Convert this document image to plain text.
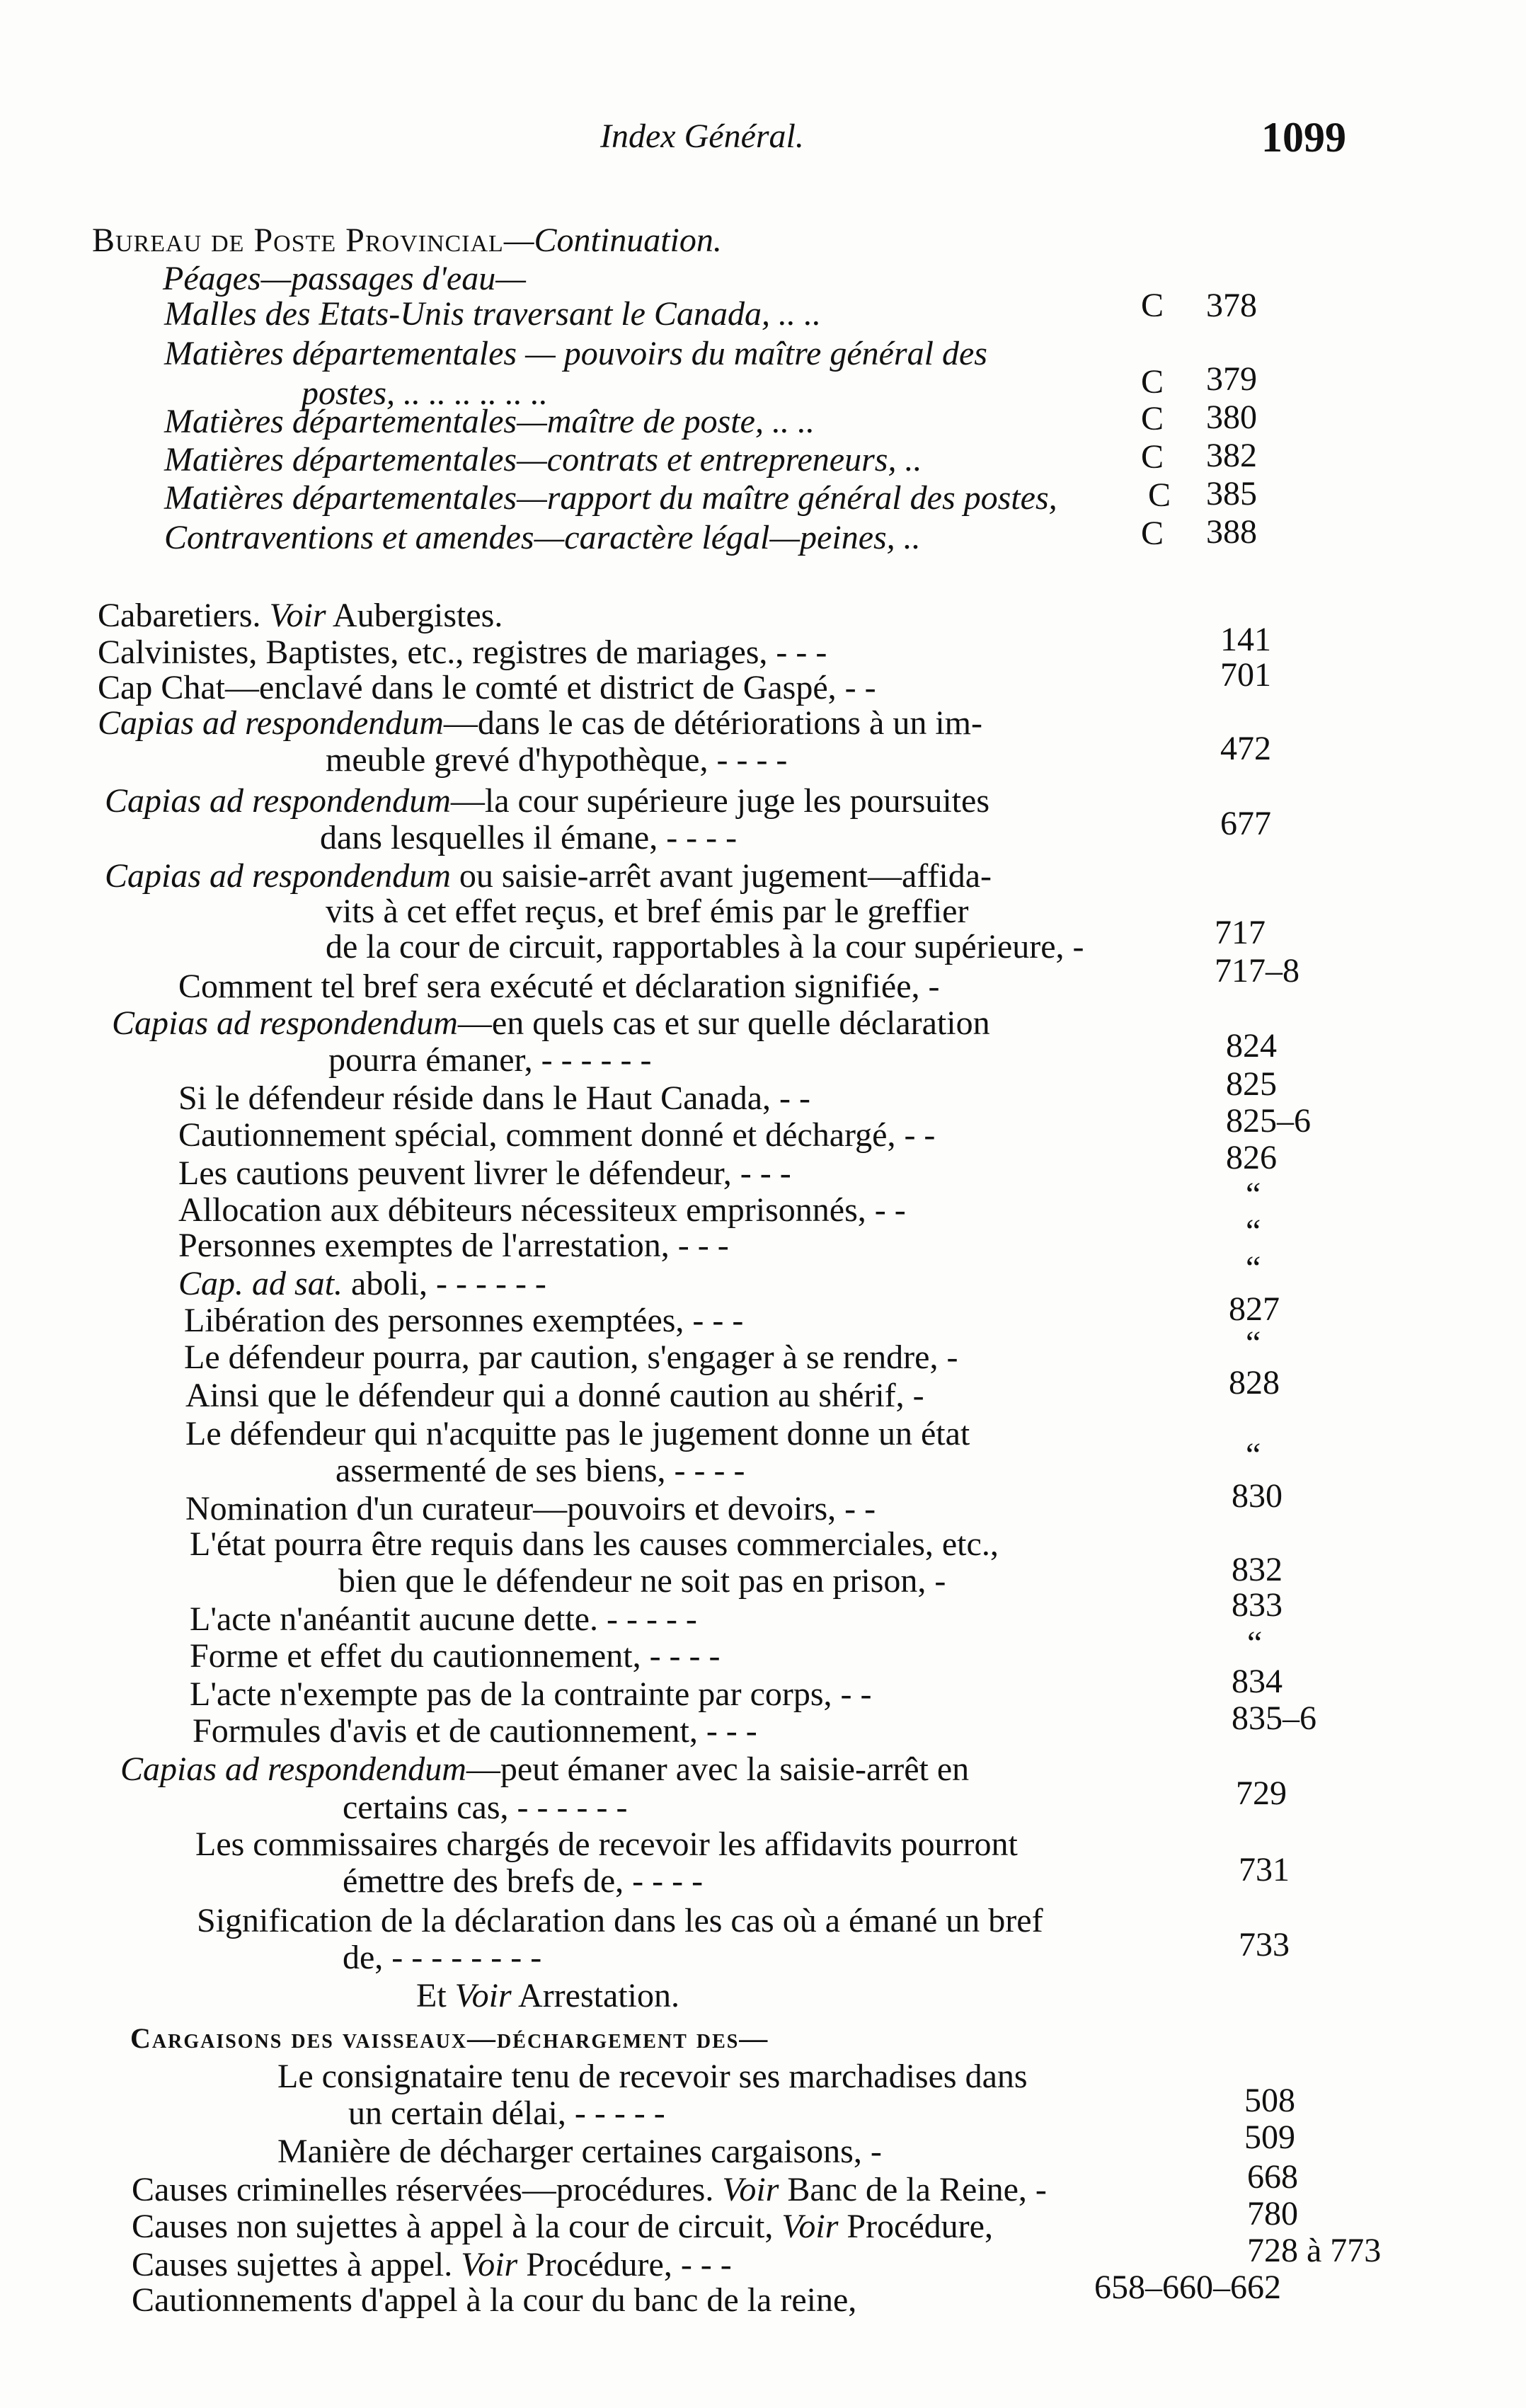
Index Général.	1099
Bureau de Poste Provincial—Continuation.
Péages—passages d'eau—
Malles des Etats-Unis traversant le Canada, .. ..	C 378
Matières départementales — pouvoirs du maître général des
postes, .. .. .. .. .. ..	C 379
Matières départementales—maître de poste, .. ..	C 380
Matières départementales—contrats et entrepreneurs, ..	C 382
Matières départementales—rapport du maître général des postes,	C 385
Contraventions et amendes—caractère légal—peines, ..	C 388
Cabaretiers. Voir Aubergistes.
Calvinistes, Baptistes, etc., registres de mariages, - - -	141
Cap Chat—enclavé dans le comté et district de Gaspé, - -	701
Capias ad respondendum—dans le cas de détériorations à un im-
meuble grevé d'hypothèque, - - - -	472
Capias ad respondendum—la cour supérieure juge les poursuites
dans lesquelles il émane, - - - -	677
Capias ad respondendum ou saisie-arrêt avant jugement—affida-
vits à cet effet reçus, et bref émis par le greffier
de la cour de circuit, rapportables à la cour supérieure, -	717
Comment tel bref sera exécuté et déclaration signifiée, -	717–8
Capias ad respondendum—en quels cas et sur quelle déclaration
pourra émaner, - - - - - -	824
Si le défendeur réside dans le Haut Canada, - -	825
Cautionnement spécial, comment donné et déchargé, - -	825–6
Les cautions peuvent livrer le défendeur, - - -	826
Allocation aux débiteurs nécessiteux emprisonnés, - -	“
Personnes exemptes de l'arrestation, - - -	“
Cap. ad sat. aboli, - - - - - -	“
Libération des personnes exemptées, - - -	827
Le défendeur pourra, par caution, s'engager à se rendre, -	“
Ainsi que le défendeur qui a donné caution au shérif, -	828
Le défendeur qui n'acquitte pas le jugement donne un état
assermenté de ses biens, - - - -	“
Nomination d'un curateur—pouvoirs et devoirs, - -	830
L'état pourra être requis dans les causes commerciales, etc.,
bien que le défendeur ne soit pas en prison, -	832
L'acte n'anéantit aucune dette. - - - - -	833
Forme et effet du cautionnement, - - - -	“
L'acte n'exempte pas de la contrainte par corps, - -	834
Formules d'avis et de cautionnement, - - -	835–6
Capias ad respondendum—peut émaner avec la saisie-arrêt en
certains cas, - - - - - -	729
Les commissaires chargés de recevoir les affidavits pourront
émettre des brefs de, - - - -	731
Signification de la déclaration dans les cas où a émané un bref
de, - - - - - - - -	733
Et Voir Arrestation.
Cargaisons des vaisseaux—déchargement des—
Le consignataire tenu de recevoir ses marchadises dans
un certain délai, - - - - -	508
Manière de décharger certaines cargaisons, -	509
Causes criminelles réservées—procédures. Voir Banc de la Reine, -	668
Causes non sujettes à appel à la cour de circuit, Voir Procédure,	780
Causes sujettes à appel. Voir Procédure, - - -	728 à 773
Cautionnements d'appel à la cour du banc de la reine,	658–660–662
